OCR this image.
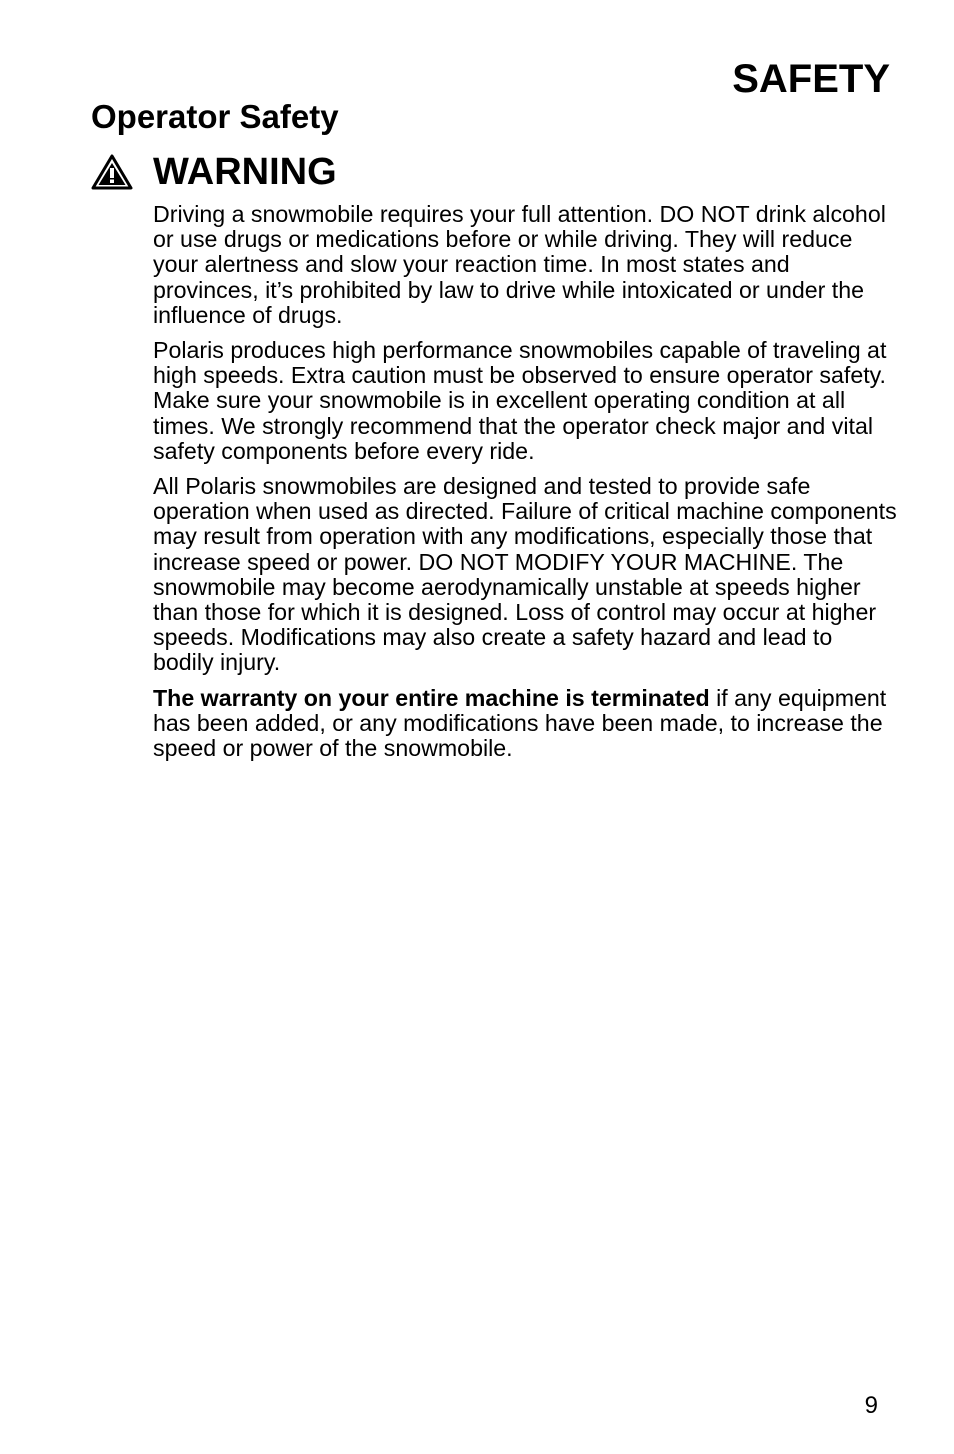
SAFETY
Operator Safety
WARNING

Driving a snowmobile requires your full attention. DO NOT drink alcohol or use drugs or medications before or while driving. They will reduce your alertness and slow your reaction time. In most states and provinces, it’s prohibited by law to drive while intoxicated or under the influence of drugs.

Polaris produces high performance snowmobiles capable of traveling at high speeds. Extra caution must be observed to ensure operator safety. Make sure your snowmobile is in excellent operating condition at all times. We strongly recommend that the operator check major and vital safety components before every ride.

All Polaris snowmobiles are designed and tested to provide safe operation when used as directed. Failure of critical machine components may result from operation with any modifications, especially those that increase speed or power. DO NOT MODIFY YOUR MACHINE. The snowmobile may become aerodynamically unstable at speeds higher than those for which it is designed. Loss of control may occur at higher speeds. Modifications may also create a safety hazard and lead to bodily injury.

The warranty on your entire machine is terminated if any equipment has been added, or any modifications have been made, to increase the speed or power of the snowmobile.

9
